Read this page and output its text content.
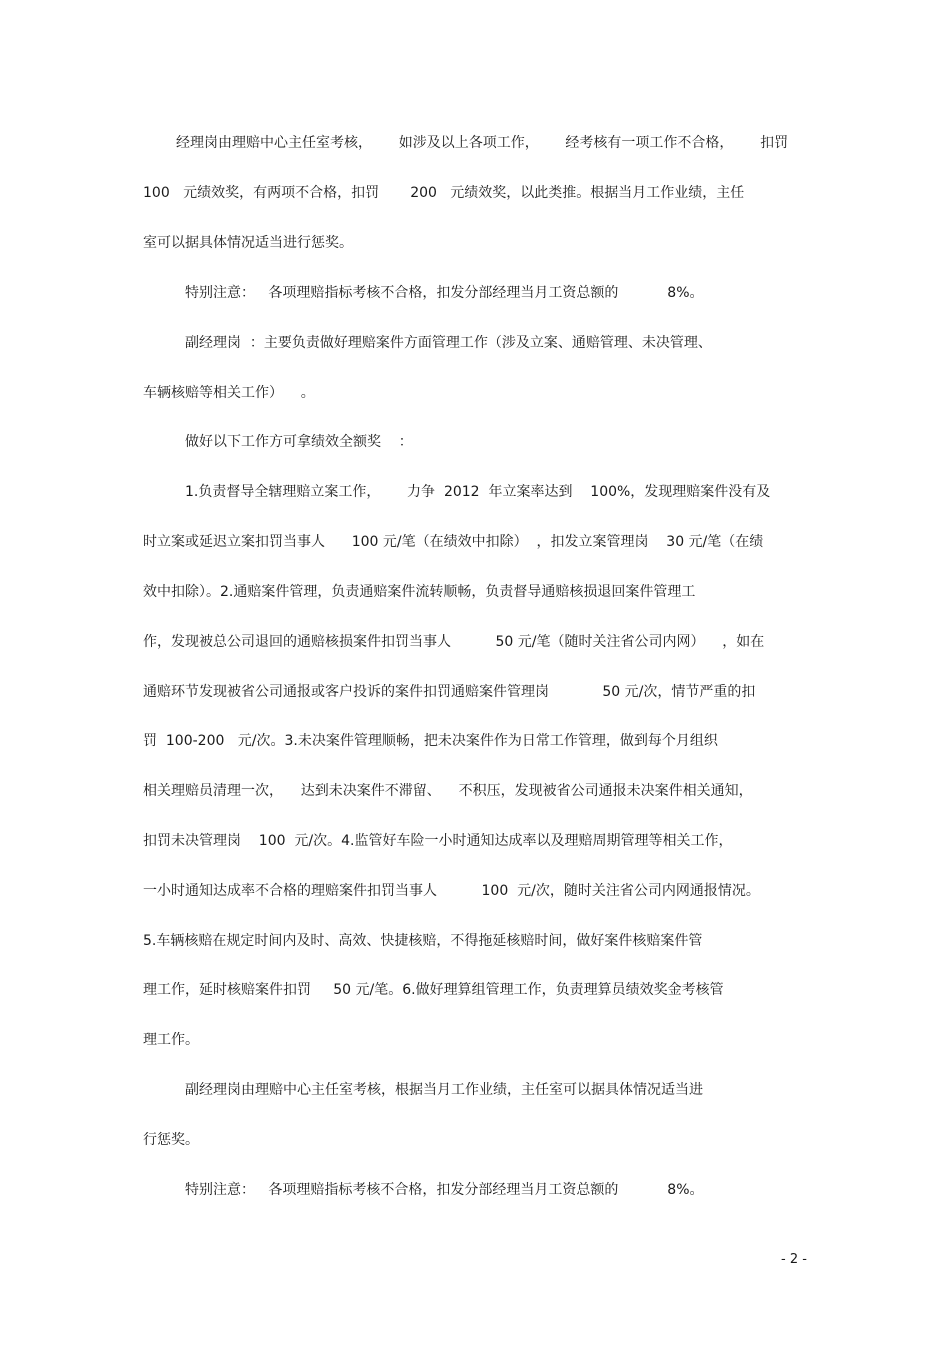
经理岗由理赔中心主任室考核，      如涉及以上各项工作，      经考核有一项工作不合格，      扣罚

100   元绩效奖，有两项不合格，扣罚       200   元绩效奖，以此类推。根据当月工作业绩，主任

室可以据具体情况适当进行惩奖。

特别注意：   各项理赔指标考核不合格，扣发分部经理当月工资总额的           8%。

副经理岗  ：主要负责做好理赔案件方面管理工作（涉及立案、通赔管理、未决管理、

车辆核赔等相关工作）    。

做好以下工作方可拿绩效全额奖    ：

1.负责督导全辖理赔立案工作，      力争  2012  年立案率达到    100%，发现理赔案件没有及

时立案或延迟立案扣罚当事人      100 元/笔（在绩效中扣除）  ，扣发立案管理岗    30 元/笔（在绩

效中扣除）。2.通赔案件管理，负责通赔案件流转顺畅，负责督导通赔核损退回案件管理工

作，发现被总公司退回的通赔核损案件扣罚当事人          50 元/笔（随时关注省公司内网）    ，如在

通赔环节发现被省公司通报或客户投诉的案件扣罚通赔案件管理岗            50 元/次，情节严重的扣

罚  100-200   元/次。3.未决案件管理顺畅，把未决案件作为日常工作管理，做到每个月组织

相关理赔员清理一次，    达到未决案件不滞留、    不积压，发现被省公司通报未决案件相关通知，

扣罚未决管理岗    100  元/次。4.监管好车险一小时通知达成率以及理赔周期管理等相关工作，

一小时通知达成率不合格的理赔案件扣罚当事人          100  元/次，随时关注省公司内网通报情况。

5.车辆核赔在规定时间内及时、高效、快捷核赔，不得拖延核赔时间，做好案件核赔案件管

理工作，延时核赔案件扣罚     50 元/笔。6.做好理算组管理工作，负责理算员绩效奖金考核管

理工作。

副经理岗由理赔中心主任室考核，根据当月工作业绩，主任室可以据具体情况适当进

行惩奖。

特别注意：   各项理赔指标考核不合格，扣发分部经理当月工资总额的           8%。

- 2 -
